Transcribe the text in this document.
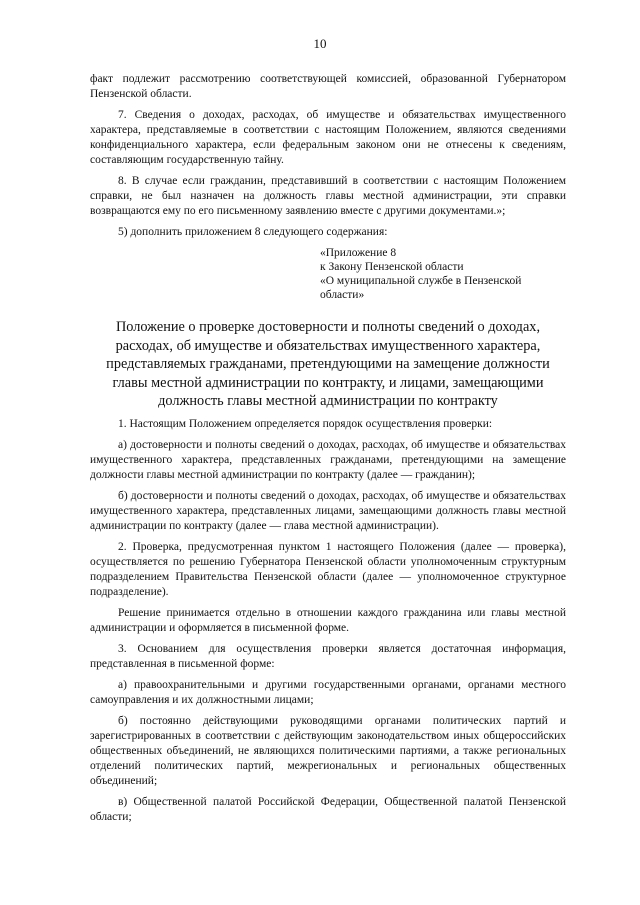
10

факт подлежит рассмотрению соответствующей комиссией, образованной Губернатором Пензенской области.

7. Сведения о доходах, расходах, об имуществе и обязательствах имущественного характера, представляемые в соответствии с настоящим Положением, являются сведениями конфиденциального характера, если федеральным законом они не отнесены к сведениям, составляющим государственную тайну.

8. В случае если гражданин, представивший в соответствии с настоящим Положением справки, не был назначен на должность главы местной администрации, эти справки возвращаются ему по его письменному заявлению вместе с другими документами.»;

5) дополнить приложением 8 следующего содержания:

«Приложение 8
к Закону Пензенской области
«О муниципальной службе в Пензенской области»
Положение о проверке достоверности и полноты сведений о доходах, расходах, об имуществе и обязательствах имущественного характера, представляемых гражданами, претендующими на замещение должности главы местной администрации по контракту, и лицами, замещающими должность главы местной администрации по контракту

1. Настоящим Положением определяется порядок осуществления проверки:

а) достоверности и полноты сведений о доходах, расходах, об имуществе и обязательствах имущественного характера, представленных гражданами, претендующими на замещение должности главы местной администрации по контракту (далее — гражданин);

б) достоверности и полноты сведений о доходах, расходах, об имуществе и обязательствах имущественного характера, представленных лицами, замещающими должность главы местной администрации по контракту (далее — глава местной администрации).

2. Проверка, предусмотренная пунктом 1 настоящего Положения (далее — проверка), осуществляется по решению Губернатора Пензенской области уполномоченным структурным подразделением Правительства Пензенской области (далее — уполномоченное структурное подразделение).

Решение принимается отдельно в отношении каждого гражданина или главы местной администрации и оформляется в письменной форме.

3. Основанием для осуществления проверки является достаточная информация, представленная в письменной форме:

а) правоохранительными и другими государственными органами, органами местного самоуправления и их должностными лицами;

б) постоянно действующими руководящими органами политических партий и зарегистрированных в соответствии с действующим законодательством иных общероссийских общественных объединений, не являющихся политическими партиями, а также региональных отделений политических партий, межрегиональных и региональных общественных объединений;

в) Общественной палатой Российской Федерации, Общественной палатой Пензенской области;
